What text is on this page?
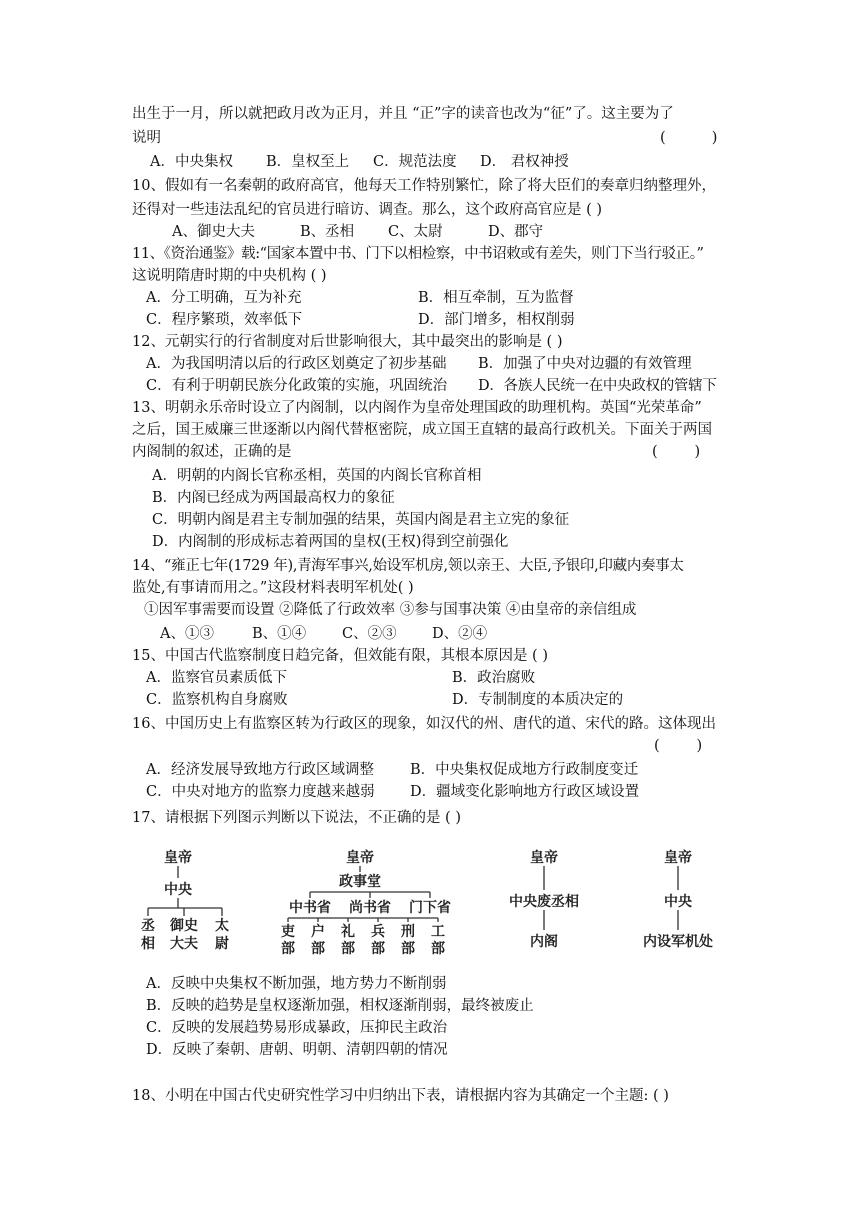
出生于一月，所以就把政月改为正月，并且 “正”字的读音也改为“征”了。这主要为了
说明	(          )
A．中央集权 B．皇权至上 C．规范法度 D． 君权神授
10、假如有一名秦朝的政府高官，他每天工作特别繁忙，除了将大臣们的奏章归纳整理外，
还得对一些违法乱纪的官员进行暗访、调查。那么，这个政府高官应是 ( )
A、御史大夫	B、丞相 C、太尉	D、郡守
11、《资治通鉴》载:“国家本置中书、门下以相检察，中书诏敕或有差失，则门下当行驳正。”
这说明隋唐时期的中央机构 ( )
A．分工明确，互为补充	B．相互牵制，互为监督
C．程序繁琐，效率低下	D．部门增多，相权削弱
12、元朝实行的行省制度对后世影响很大，其中最突出的影响是 ( )
A．为我国明清以后的行政区划奠定了初步基础 B．加强了中央对边疆的有效管理
C．有利于明朝民族分化政策的实施，巩固统治 D．各族人民统一在中央政权的管辖下
13、明朝永乐帝时设立了内阁制，以内阁作为皇帝处理国政的助理机构。英国“光荣革命”
之后，国王威廉三世逐渐以内阁代替枢密院，成立国王直辖的最高行政机关。下面关于两国
内阁制的叙述，正确的是	(        )
A．明朝的内阁长官称丞相，英国的内阁长官称首相
B．内阁已经成为两国最高权力的象征
C．明朝内阁是君主专制加强的结果，英国内阁是君主立宪的象征
D．内阁制的形成标志着两国的皇权(王权)得到空前强化
14、“雍正七年(1729 年),青海军事兴,始设军机房,领以亲王、大臣,予银印,印藏内奏事太
监处,有事请而用之。”这段材料表明军机处( )
①因军事需要而设置 ②降低了行政效率 ③参与国事决策 ④由皇帝的亲信组成
A、①③	B、①④ C、②③ D、②④
15、中国古代监察制度日趋完备，但效能有限，其根本原因是 ( )
A．监察官员素质低下	B．政治腐败
C．监察机构自身腐败	D．专制制度的本质决定的
16、中国历史上有监察区转为行政区的现象，如汉代的州、唐代的道、宋代的路。这体现出
(        )
A．经济发展导致地方行政区域调整 B．中央集权促成地方行政制度变迁
C．中央对地方的监察力度越来越弱 D．疆域变化影响地方行政区域设置
17、请根据下列图示判断以下说法，不正确的是 ( )
皇帝
中央
丞
相
御史
大夫
太
尉
皇帝
政事堂
中书省 尚书省 门下省
吏 户 礼 兵 刑 工
部 部 部 部 部 部
皇帝
中央废丞相
内阁
皇帝
中央
内设军机处
A．反映中央集权不断加强，地方势力不断削弱
B．反映的趋势是皇权逐渐加强，相权逐渐削弱，最终被废止
C．反映的发展趋势易形成暴政，压抑民主政治
D．反映了秦朝、唐朝、明朝、清朝四朝的情况
18、小明在中国古代史研究性学习中归纳出下表，请根据内容为其确定一个主题: ( )
